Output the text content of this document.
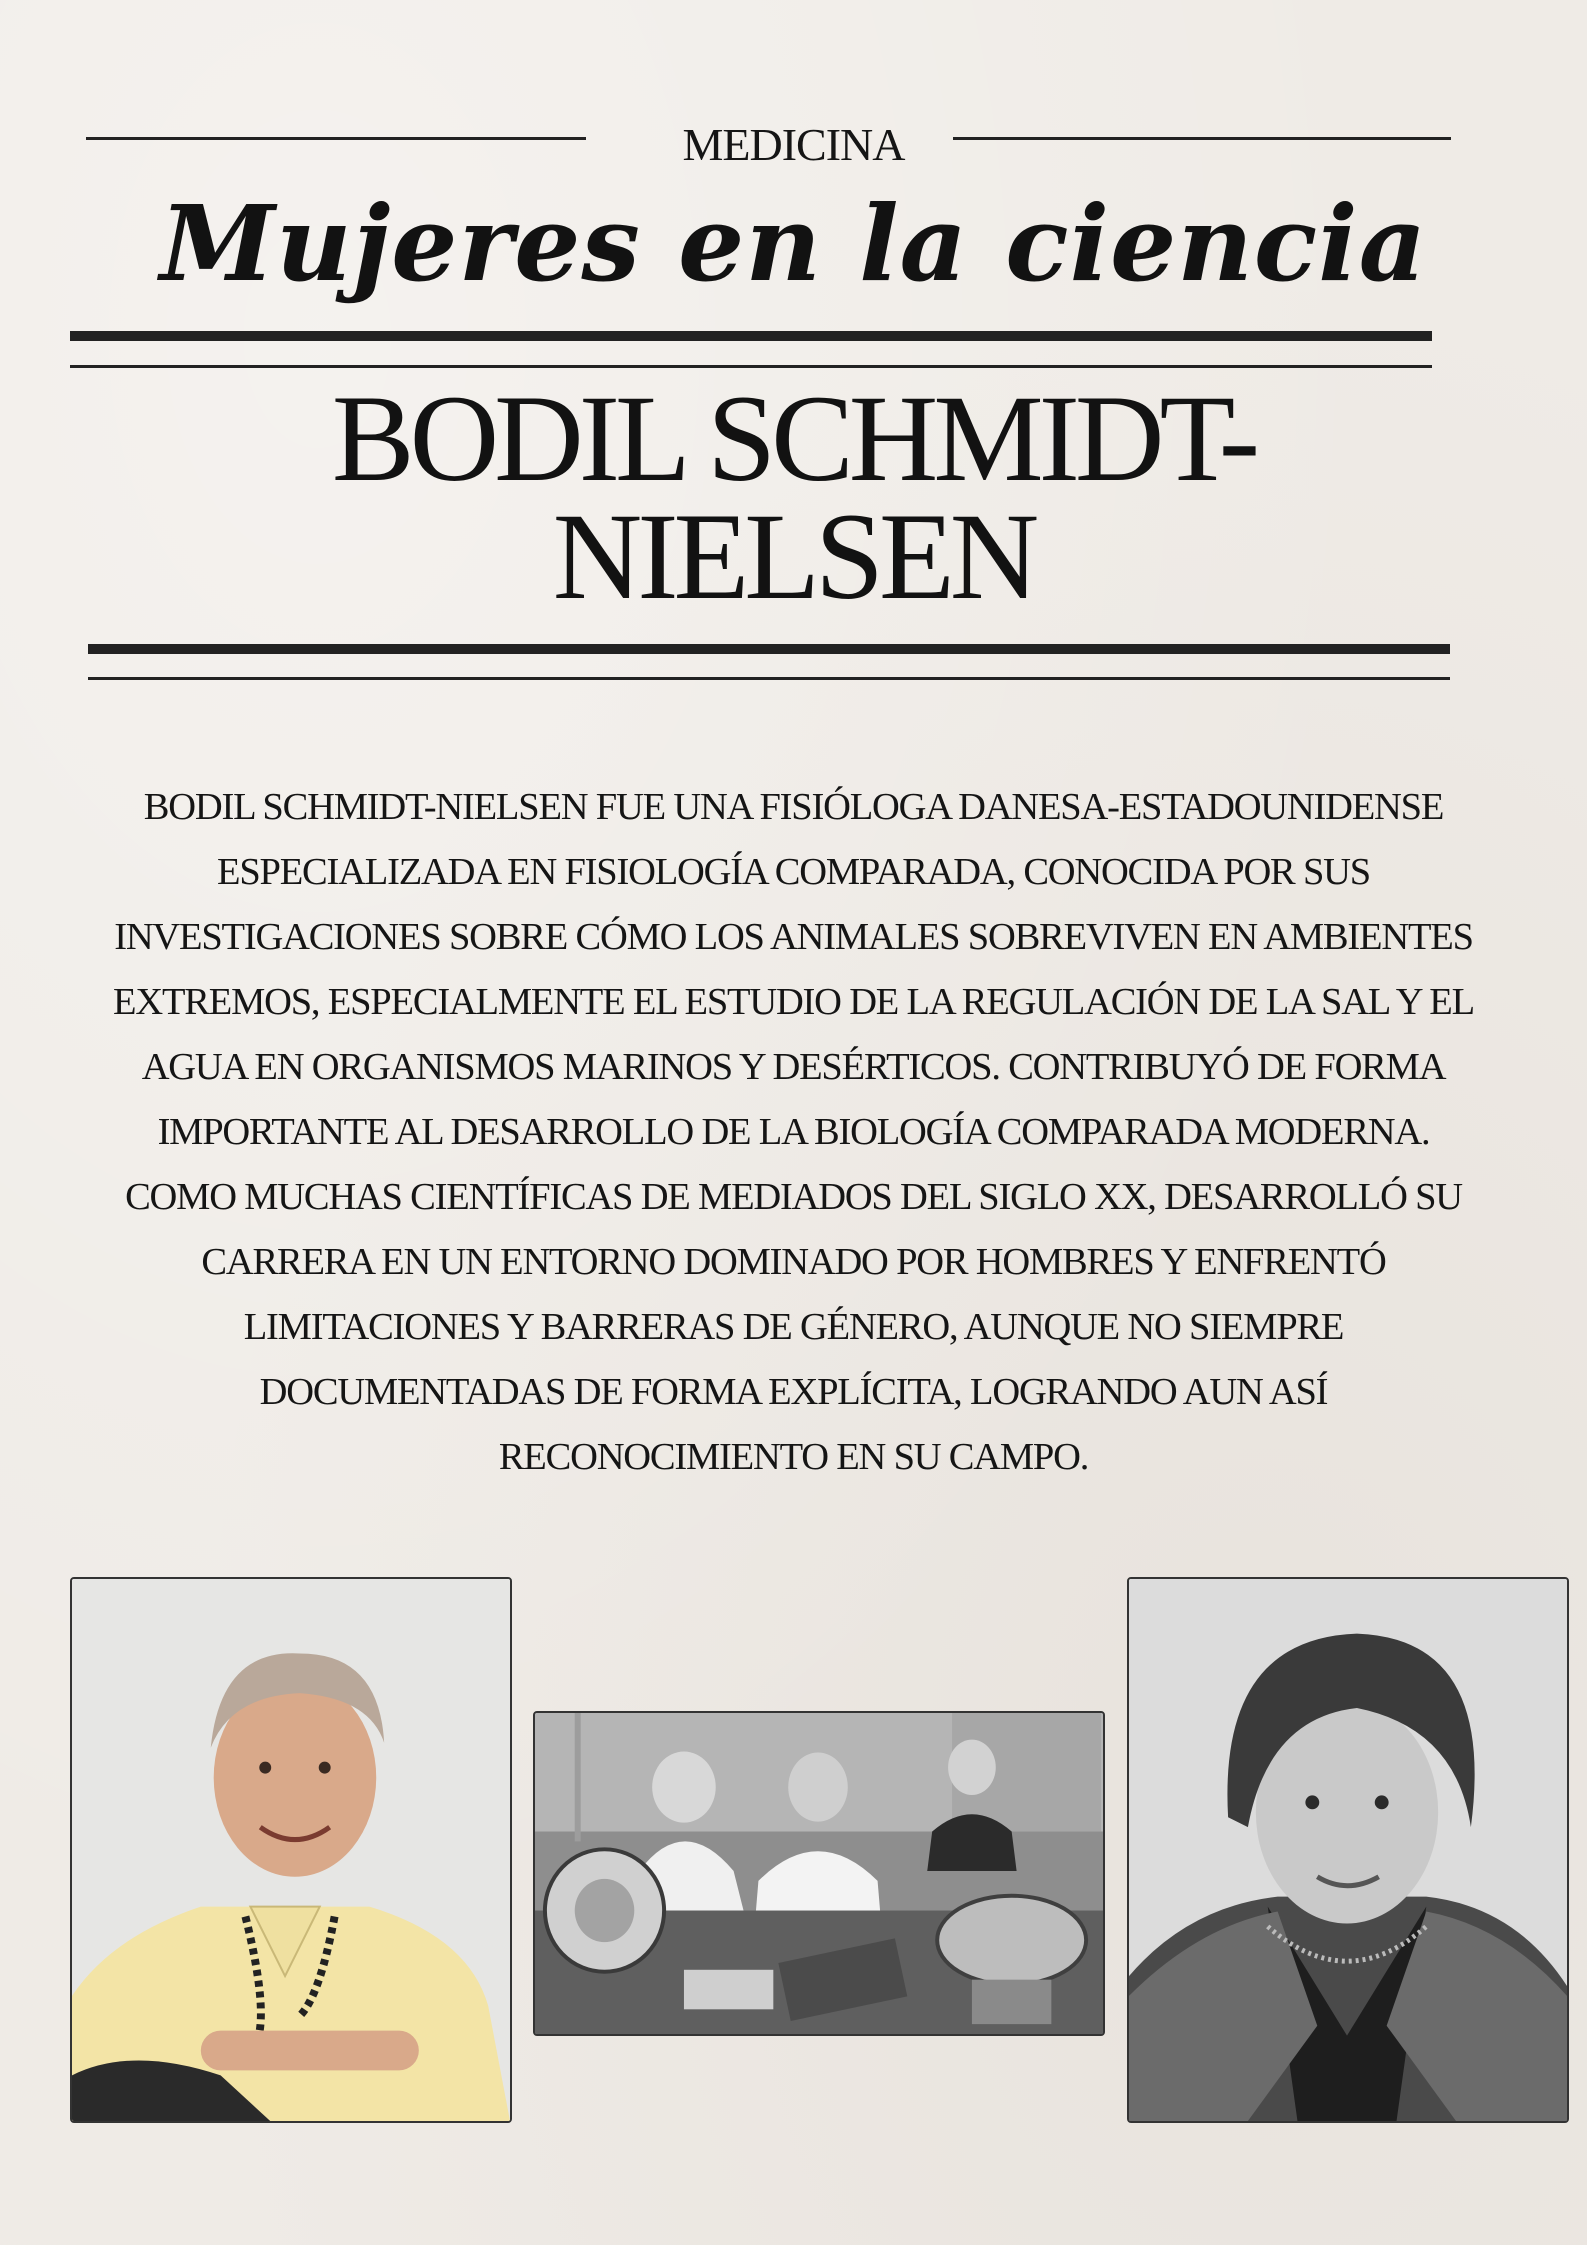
MEDICINA
Mujeres en la ciencia
BODIL SCHMIDT-
NIELSEN
BODIL SCHMIDT-NIELSEN FUE UNA FISIÓLOGA DANESA-ESTADOUNIDENSE ESPECIALIZADA EN FISIOLOGÍA COMPARADA, CONOCIDA POR SUS INVESTIGACIONES SOBRE CÓMO LOS ANIMALES SOBREVIVEN EN AMBIENTES EXTREMOS, ESPECIALMENTE EL ESTUDIO DE LA REGULACIÓN DE LA SAL Y EL AGUA EN ORGANISMOS MARINOS Y DESÉRTICOS. CONTRIBUYÓ DE FORMA IMPORTANTE AL DESARROLLO DE LA BIOLOGÍA COMPARADA MODERNA. COMO MUCHAS CIENTÍFICAS DE MEDIADOS DEL SIGLO XX, DESARROLLÓ SU CARRERA EN UN ENTORNO DOMINADO POR HOMBRES Y ENFRENTÓ LIMITACIONES Y BARRERAS DE GÉNERO, AUNQUE NO SIEMPRE DOCUMENTADAS DE FORMA EXPLÍCITA, LOGRANDO AUN ASÍ RECONOCIMIENTO EN SU CAMPO.
